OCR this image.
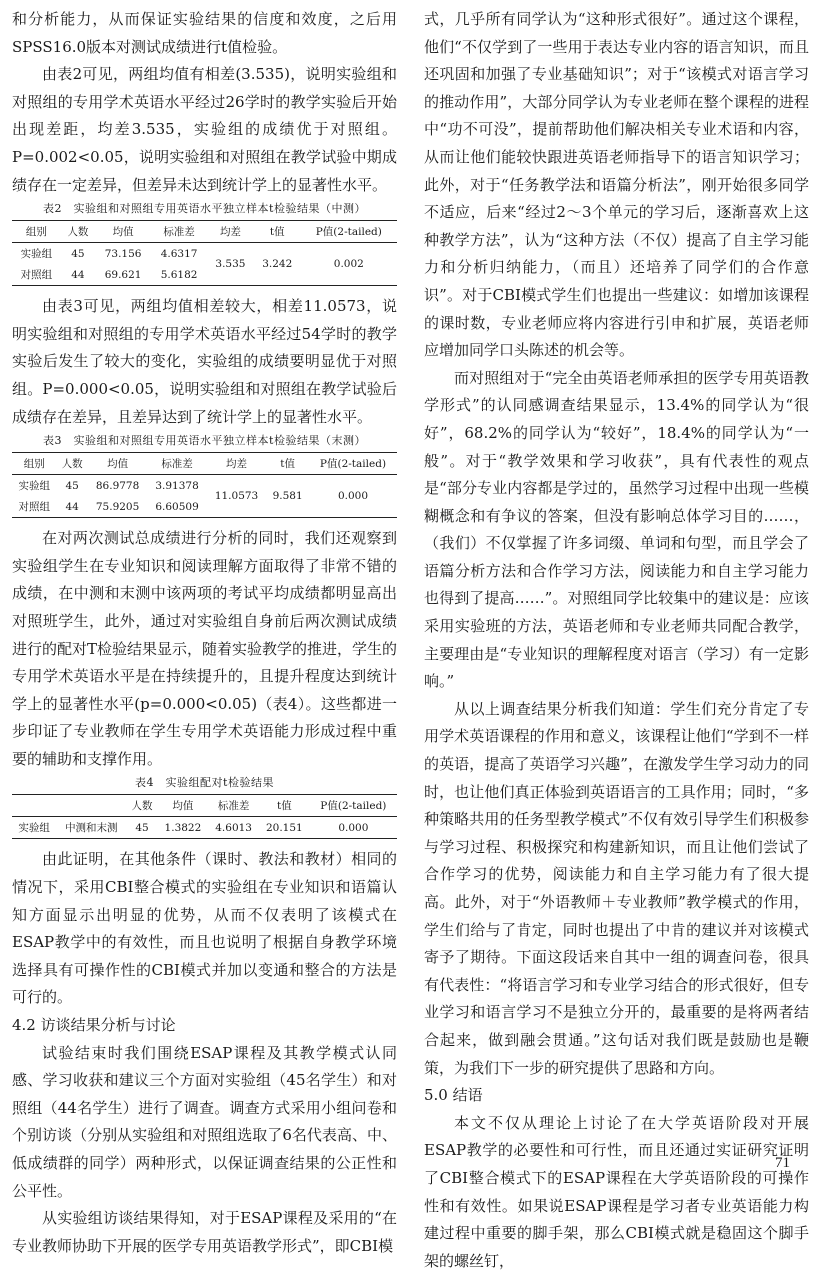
和分析能力，从而保证实验结果的信度和效度，之后用SPSS16.0版本对测试成绩进行t值检验。

由表2可见，两组均值有相差(3.535)，说明实验组和对照组的专用学术英语水平经过26学时的教学实验后开始出现差距，均差3.535，实验组的成绩优于对照组。P=0.002<0.05，说明实验组和对照组在教学试验中期成绩存在一定差异，但差异未达到统计学上的显著性水平。

表2　实验组和对照组专用英语水平独立样本t检验结果（中测）
组别	人数	均值	标准差	均差	t值	P值(2-tailed)
实验组	45	73.156	4.6317	3.535	3.242	0.002
对照组	44	69.621	5.6182			

由表3可见，两组均值相差较大，相差11.0573，说明实验组和对照组的专用学术英语水平经过54学时的教学实验后发生了较大的变化，实验组的成绩要明显优于对照组。P=0.000<0.05，说明实验组和对照组在教学试验后成绩存在差异，且差异达到了统计学上的显著性水平。

表3　实验组和对照组专用英语水平独立样本t检验结果（末测）
组别	人数	均值	标准差	均差	t值	P值(2-tailed)
实验组	45	86.9778	3.91378	11.0573	9.581	0.000
对照组	44	75.9205	6.60509			

在对两次测试总成绩进行分析的同时，我们还观察到实验组学生在专业知识和阅读理解方面取得了非常不错的成绩，在中测和末测中该两项的考试平均成绩都明显高出对照班学生，此外，通过对实验组自身前后两次测试成绩进行的配对T检验结果显示，随着实验教学的推进，学生的专用学术英语水平是在持续提升的，且提升程度达到统计学上的显著性水平(p=0.000<0.05)（表4）。这些都进一步印证了专业教师在学生专用学术英语能力形成过程中重要的辅助和支撑作用。

表4　实验组配对t检验结果
		人数	均值	标准差	t值	P值(2-tailed)
实验组	中测和末测	45	1.3822	4.6013	20.151	0.000

由此证明，在其他条件（课时、教法和教材）相同的情况下，采用CBI整合模式的实验组在专业知识和语篇认知方面显示出明显的优势，从而不仅表明了该模式在ESAP教学中的有效性，而且也说明了根据自身教学环境选择具有可操作性的CBI模式并加以变通和整合的方法是可行的。

4.2 访谈结果分析与讨论

试验结束时我们围绕ESAP课程及其教学模式认同感、学习收获和建议三个方面对实验组（45名学生）和对照组（44名学生）进行了调查。调查方式采用小组问卷和个别访谈（分别从实验组和对照组选取了6名代表高、中、低成绩群的同学）两种形式，以保证调查结果的公正性和公平性。

从实验组访谈结果得知，对于ESAP课程及采用的“在专业教师协助下开展的医学专用英语教学形式”，即CBI模

式，几乎所有同学认为“这种形式很好”。通过这个课程，他们“不仅学到了一些用于表达专业内容的语言知识，而且还巩固和加强了专业基础知识”；对于“该模式对语言学习的推动作用”，大部分同学认为专业老师在整个课程的进程中“功不可没”，提前帮助他们解决相关专业术语和内容，从而让他们能较快跟进英语老师指导下的语言知识学习；此外，对于“任务教学法和语篇分析法”，刚开始很多同学不适应，后来“经过2～3个单元的学习后，逐渐喜欢上这种教学方法”，认为“这种方法（不仅）提高了自主学习能力和分析归纳能力，（而且）还培养了同学们的合作意识”。对于CBI模式学生们也提出一些建议：如增加该课程的课时数，专业老师应将内容进行引申和扩展，英语老师应增加同学口头陈述的机会等。

而对照组对于“完全由英语老师承担的医学专用英语教学形式”的认同感调查结果显示，13.4%的同学认为“很好”，68.2%的同学认为“较好”，18.4%的同学认为“一般”。对于“教学效果和学习收获”，具有代表性的观点是“部分专业内容都是学过的，虽然学习过程中出现一些模糊概念和有争议的答案，但没有影响总体学习目的……，（我们）不仅掌握了许多词缀、单词和句型，而且学会了语篇分析方法和合作学习方法，阅读能力和自主学习能力也得到了提高……”。对照组同学比较集中的建议是：应该采用实验班的方法，英语老师和专业老师共同配合教学，主要理由是“专业知识的理解程度对语言（学习）有一定影响。”

从以上调查结果分析我们知道：学生们充分肯定了专用学术英语课程的作用和意义，该课程让他们“学到不一样的英语，提高了英语学习兴趣”，在激发学生学习动力的同时，也让他们真正体验到英语语言的工具作用；同时，“多种策略共用的任务型教学模式”不仅有效引导学生们积极参与学习过程、积极探究和构建新知识，而且让他们尝试了合作学习的优势，阅读能力和自主学习能力有了很大提高。此外，对于“外语教师＋专业教师”教学模式的作用，学生们给与了肯定，同时也提出了中肯的建议并对该模式寄予了期待。下面这段话来自其中一组的调查问卷，很具有代表性：“将语言学习和专业学习结合的形式很好，但专业学习和语言学习不是独立分开的，最重要的是将两者结合起来，做到融会贯通。”这句话对我们既是鼓励也是鞭策，为我们下一步的研究提供了思路和方向。

5.0 结语

本文不仅从理论上讨论了在大学英语阶段对开展ESAP教学的必要性和可行性，而且还通过实证研究证明了CBI整合模式下的ESAP课程在大学英语阶段的可操作性和有效性。如果说ESAP课程是学习者专业英语能力构建过程中重要的脚手架，那么CBI模式就是稳固这个脚手架的螺丝钉，

71
